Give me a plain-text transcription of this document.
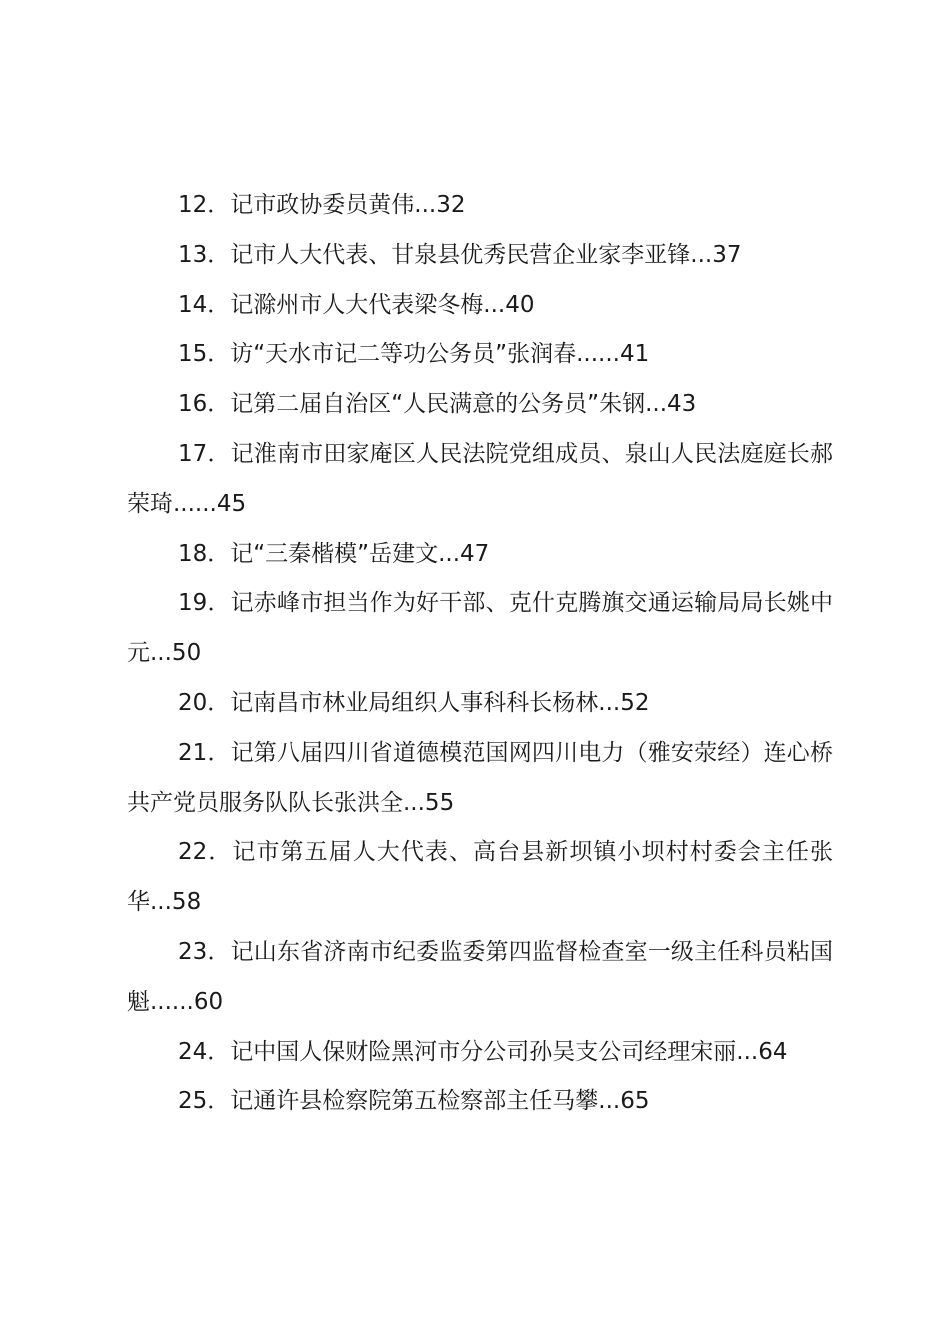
12．记市政协委员黄伟...32

13．记市人大代表、甘泉县优秀民营企业家李亚锋...37

14．记滁州市人大代表梁冬梅...40

15．访“天水市记二等功公务员”张润春......41

16．记第二届自治区“人民满意的公务员”朱钢...43

17．记淮南市田家庵区人民法院党组成员、泉山人民法庭庭长郝荣琦......45

18．记“三秦楷模”岳建文...47

19．记赤峰市担当作为好干部、克什克腾旗交通运输局局长姚中元...50

20．记南昌市林业局组织人事科科长杨林...52

21．记第八届四川省道德模范国网四川电力（雅安荥经）连心桥共产党员服务队队长张洪全...55

22．记市第五届人大代表、高台县新坝镇小坝村村委会主任张华...58

23．记山东省济南市纪委监委第四监督检查室一级主任科员粘国魁......60

24．记中国人保财险黑河市分公司孙吴支公司经理宋丽...64

25．记通许县检察院第五检察部主任马攀...65
